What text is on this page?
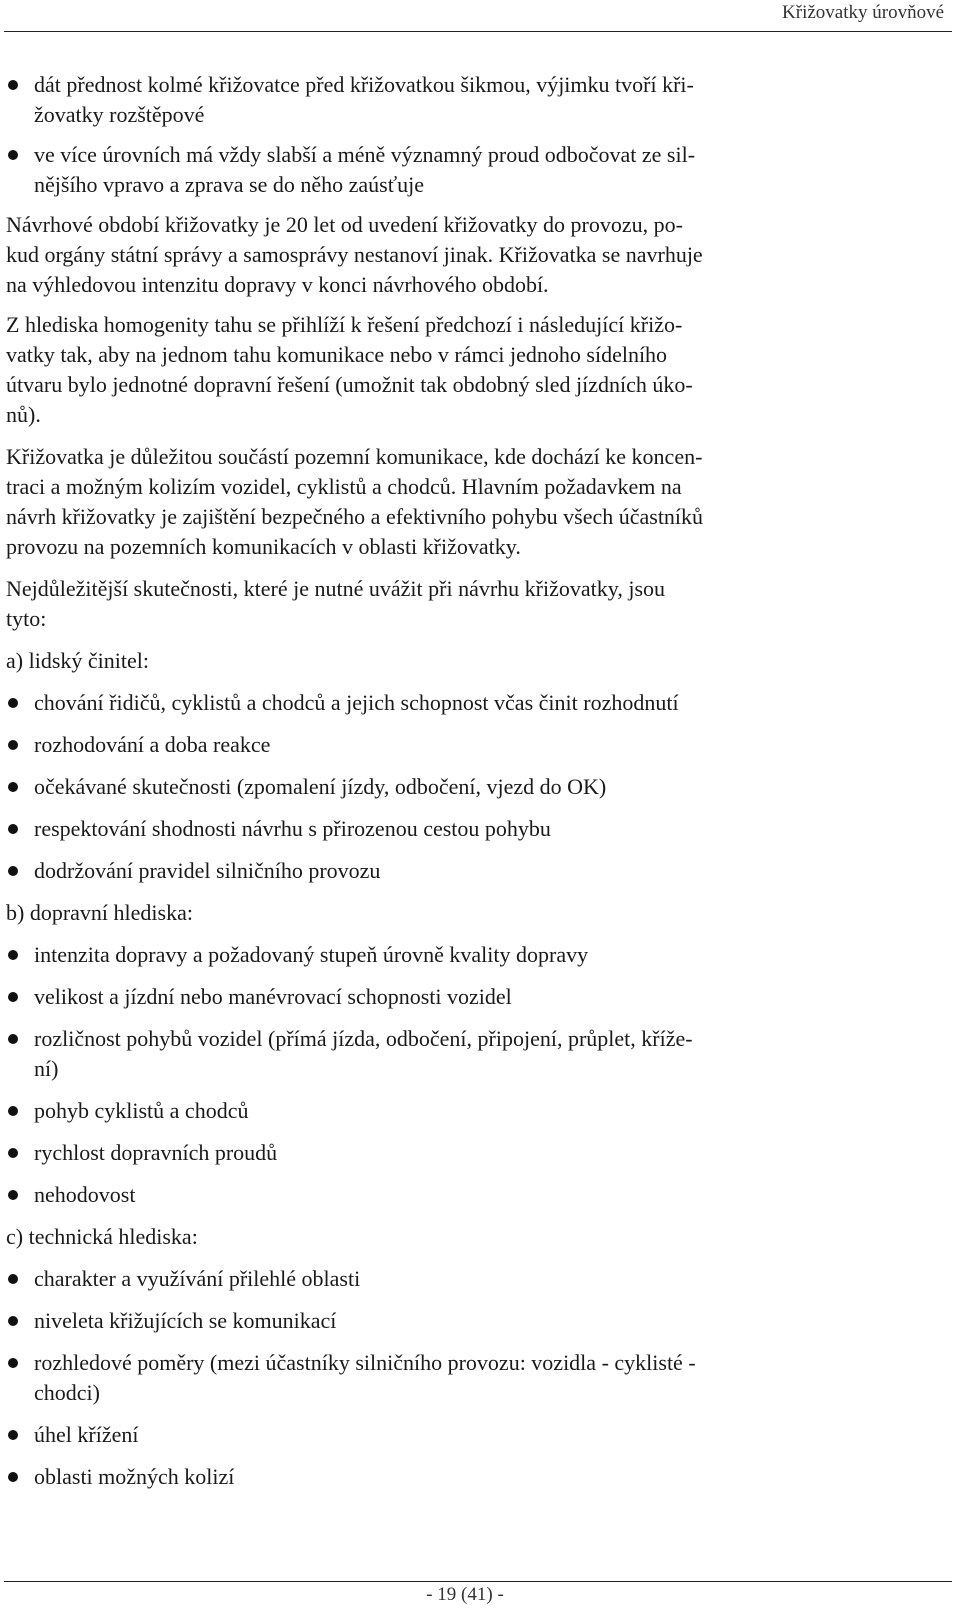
Křižovatky úrovňové
dát přednost kolmé křižovatce před křižovatkou šikmou, výjimku tvoří kři-
žovatky rozštěpové
ve více úrovních má vždy slabší a méně významný proud odbočovat ze sil-
nějšího vpravo a zprava se do něho zaúsťuje
Návrhové období křižovatky je 20 let od uvedení křižovatky do provozu, po-
kud orgány státní správy a samosprávy nestanoví jinak. Křižovatka se navrhuje
na výhledovou intenzitu dopravy v konci návrhového období.
Z hlediska homogenity tahu se přihlíží k řešení předchozí i následující křižo-
vatky tak, aby na jednom tahu komunikace nebo v rámci jednoho sídelního
útvaru bylo jednotné dopravní řešení (umožnit tak obdobný sled jízdních úko-
nů).
Křižovatka je důležitou součástí pozemní komunikace, kde dochází ke koncen-
traci a možným kolizím vozidel, cyklistů a chodců. Hlavním požadavkem na
návrh křižovatky je zajištění bezpečného a efektivního pohybu všech účastníků
provozu na pozemních komunikacích v oblasti křižovatky.
Nejdůležitější skutečnosti, které je nutné uvážit při návrhu křižovatky, jsou
tyto:
a) lidský činitel:
chování řidičů, cyklistů a chodců a jejich schopnost včas činit rozhodnutí
rozhodování a doba reakce
očekávané skutečnosti (zpomalení jízdy, odbočení, vjezd do OK)
respektování shodnosti návrhu s přirozenou cestou pohybu
dodržování pravidel silničního provozu
b) dopravní hlediska:
intenzita dopravy a požadovaný stupeň úrovně kvality dopravy
velikost a jízdní nebo manévrovací schopnosti vozidel
rozličnost pohybů vozidel (přímá jízda, odbočení, připojení, průplet, kříže-
ní)
pohyb cyklistů a chodců
rychlost dopravních proudů
nehodovost
c) technická hlediska:
charakter a využívání přilehlé oblasti
niveleta křižujících se komunikací
rozhledové poměry (mezi účastníky silničního provozu: vozidla - cyklisté -
chodci)
úhel křížení
oblasti možných kolizí
- 19 (41) -
